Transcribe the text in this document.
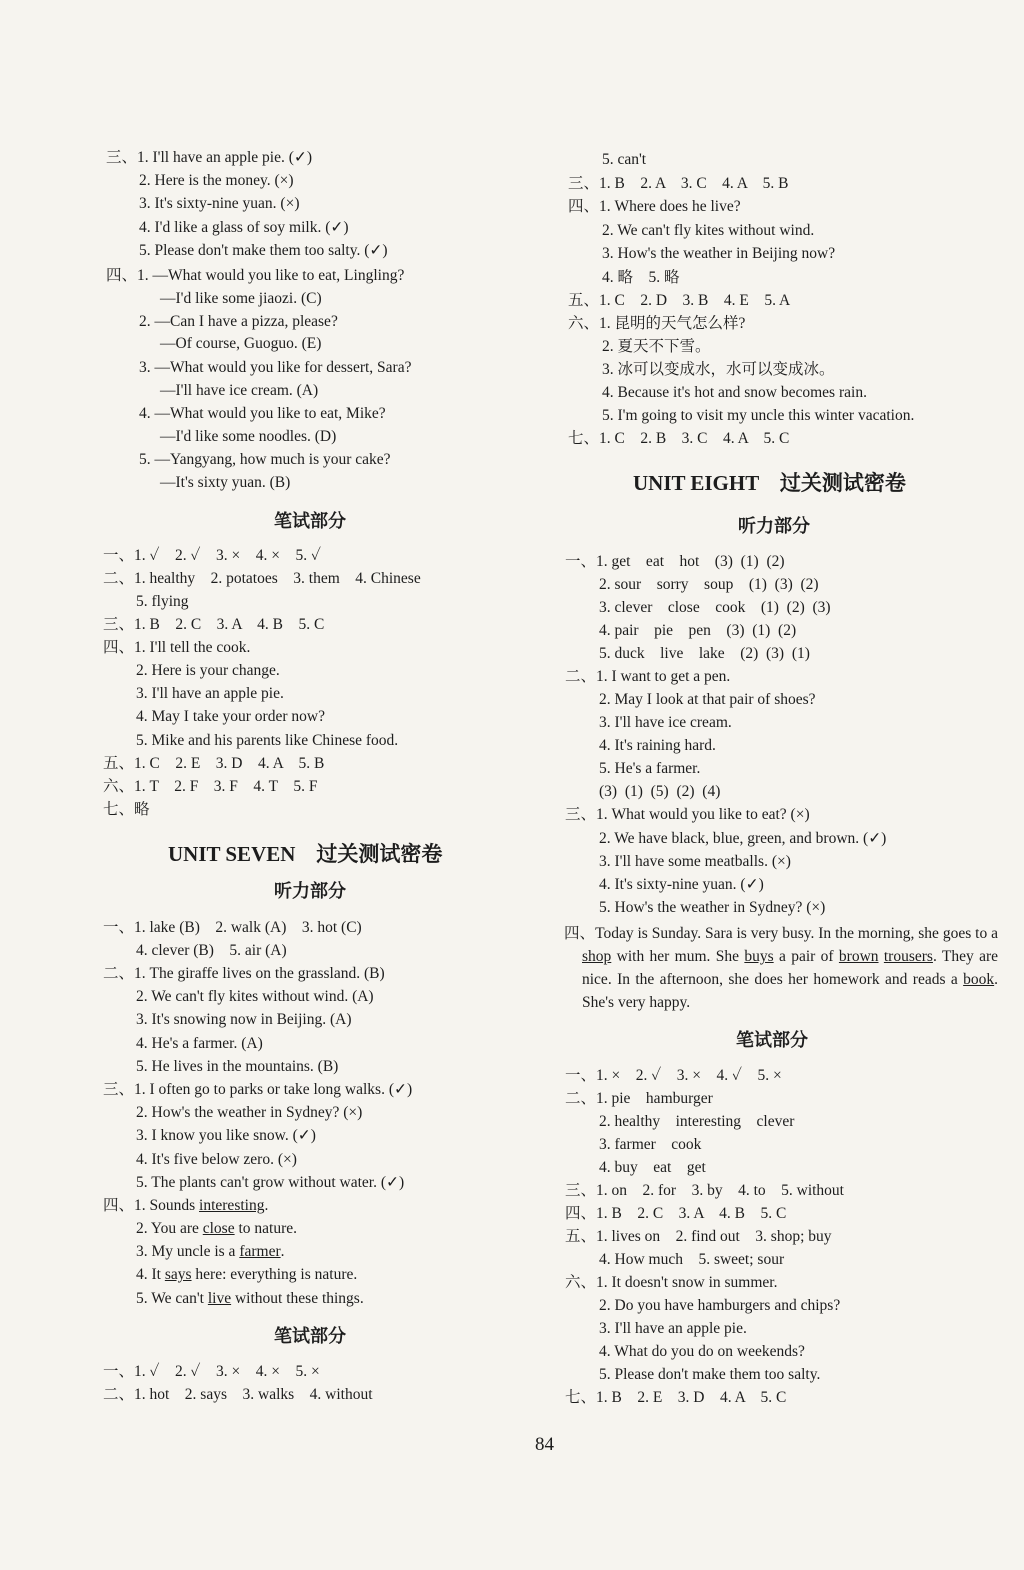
三、1. I'll have an apple pie. (✓)
2. Here is the money. (×)
3. It's sixty-nine yuan. (×)
4. I'd like a glass of soy milk. (✓)
5. Please don't make them too salty. (✓)
四、1. —What would you like to eat, Lingling?
—I'd like some jiaozi. (C)
2. —Can I have a pizza, please?
—Of course, Guoguo. (E)
3. —What would you like for dessert, Sara?
—I'll have ice cream. (A)
4. —What would you like to eat, Mike?
—I'd like some noodles. (D)
5. —Yangyang, how much is your cake?
—It's sixty yuan. (B)
笔试部分
一、1. ✓    2. ✓    3. ×    4. ×    5. ✓
二、1. healthy    2. potatoes    3. them    4. Chinese
5. flying
三、1. B    2. C    3. A    4. B    5. C
四、1. I'll tell the cook.
2. Here is your change.
3. I'll have an apple pie.
4. May I take your order now?
5. Mike and his parents like Chinese food.
五、1. C    2. E    3. D    4. A    5. B
六、1. T    2. F    3. F    4. T    5. F
七、略
UNIT SEVEN　过关测试密卷
听力部分
一、1. lake (B)    2. walk (A)    3. hot (C)
4. clever (B)    5. air (A)
二、1. The giraffe lives on the grassland. (B)
2. We can't fly kites without wind. (A)
3. It's snowing now in Beijing. (A)
4. He's a farmer. (A)
5. He lives in the mountains. (B)
三、1. I often go to parks or take long walks. (✓)
2. How's the weather in Sydney? (×)
3. I know you like snow. (✓)
4. It's five below zero. (×)
5. The plants can't grow without water. (✓)
四、1. Sounds interesting.
2. You are close to nature.
3. My uncle is a farmer.
4. It says here: everything is nature.
5. We can't live without these things.
笔试部分
一、1. ✓    2. ✓    3. ×    4. ×    5. ×
二、1. hot    2. says    3. walks    4. without
5. can't
三、1. B    2. A    3. C    4. A    5. B
四、1. Where does he live?
2. We can't fly kites without wind.
3. How's the weather in Beijing now?
4. 略    5. 略
五、1. C    2. D    3. B    4. E    5. A
六、1. 昆明的天气怎么样?
2. 夏天不下雪。
3. 冰可以变成水，水可以变成冰。
4. Because it's hot and snow becomes rain.
5. I'm going to visit my uncle this winter vacation.
七、1. C    2. B    3. C    4. A    5. C
UNIT EIGHT　过关测试密卷
听力部分
一、1. get    eat    hot    (3)  (1)  (2)
2. sour    sorry    soup    (1)  (3)  (2)
3. clever    close    cook    (1)  (2)  (3)
4. pair    pie    pen    (3)  (1)  (2)
5. duck    live    lake    (2)  (3)  (1)
二、1. I want to get a pen.
2. May I look at that pair of shoes?
3. I'll have ice cream.
4. It's raining hard.
5. He's a farmer.
(3)  (1)  (5)  (2)  (4)
三、1. What would you like to eat? (×)
2. We have black, blue, green, and brown. (✓)
3. I'll have some meatballs. (×)
4. It's sixty-nine yuan. (✓)
5. How's the weather in Sydney? (×)
四、Today is Sunday. Sara is very busy. In the morning, she goes to a shop with her mum. She buys a pair of brown trousers. They are nice. In the afternoon, she does her homework and reads a book. She's very happy.
笔试部分
一、1. ×    2. ✓    3. ×    4. ✓    5. ×
二、1. pie    hamburger
2. healthy    interesting    clever
3. farmer    cook
4. buy    eat    get
三、1. on    2. for    3. by    4. to    5. without
四、1. B    2. C    3. A    4. B    5. C
五、1. lives on    2. find out    3. shop; buy
4. How much    5. sweet; sour
六、1. It doesn't snow in summer.
2. Do you have hamburgers and chips?
3. I'll have an apple pie.
4. What do you do on weekends?
5. Please don't make them too salty.
七、1. B    2. E    3. D    4. A    5. C
84
